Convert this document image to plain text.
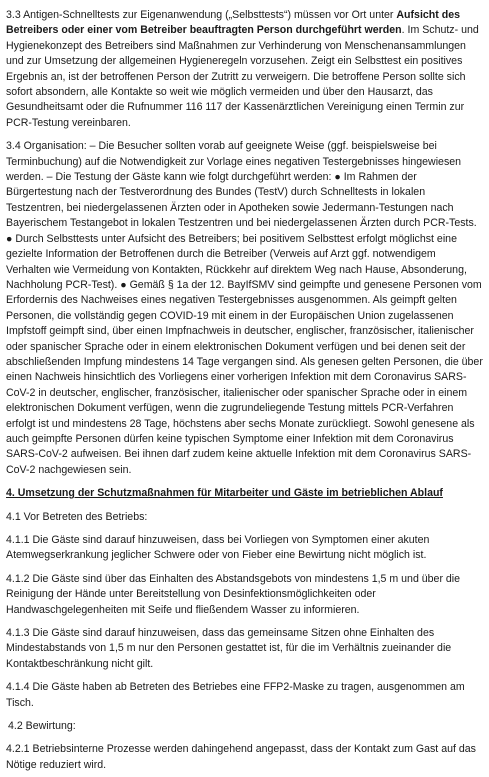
3.3 Antigen-Schnelltests zur Eigenanwendung („Selbsttests“) müssen vor Ort unter Aufsicht des Betreibers oder einer vom Betreiber beauftragten Person durchgeführt werden. Im Schutz- und Hygienekonzept des Betreibers sind Maßnahmen zur Verhinderung von Menschenansammlungen und zur Umsetzung der allgemeinen Hygieneregeln vorzusehen. Zeigt ein Selbsttest ein positives Ergebnis an, ist der betroffenen Person der Zutritt zu verweigern. Die betroffene Person sollte sich sofort absondern, alle Kontakte so weit wie möglich vermeiden und über den Hausarzt, das Gesundheitsamt oder die Rufnummer 116 117 der Kassenärztlichen Vereinigung einen Termin zur PCR-Testung vereinbaren.

3.4 Organisation: – Die Besucher sollten vorab auf geeignete Weise (ggf. beispielsweise bei Terminbuchung) auf die Notwendigkeit zur Vorlage eines negativen Testergebnisses hingewiesen werden. – Die Testung der Gäste kann wie folgt durchgeführt werden: ● Im Rahmen der Bürgertestung nach der Testverordnung des Bundes (TestV) durch Schnelltests in lokalen Testzentren, bei niedergelassenen Ärzten oder in Apotheken sowie Jedermann-Testungen nach Bayerischem Testangebot in lokalen Testzentren und bei niedergelassenen Ärzten durch PCR-Tests. ● Durch Selbsttests unter Aufsicht des Betreibers; bei positivem Selbsttest erfolgt möglichst eine gezielte Information der Betroffenen durch die Betreiber (Verweis auf Arzt ggf. notwendigem Verhalten wie Vermeidung von Kontakten, Rückkehr auf direktem Weg nach Hause, Absonderung, Nachholung PCR-Test). ● Gemäß § 1a der 12. BayIfSMV sind geimpfte und genesene Personen vom Erfordernis des Nachweises eines negativen Testergebnisses ausgenommen. Als geimpft gelten Personen, die vollständig gegen COVID-19 mit einem in der Europäischen Union zugelassenen Impfstoff geimpft sind, über einen Impfnachweis in deutscher, englischer, französischer, italienischer oder spanischer Sprache oder in einem elektronischen Dokument verfügen und bei denen seit der abschließenden Impfung mindestens 14 Tage vergangen sind. Als genesen gelten Personen, die über einen Nachweis hinsichtlich des Vorliegens einer vorherigen Infektion mit dem Coronavirus SARS-CoV-2 in deutscher, englischer, französischer, italienischer oder spanischer Sprache oder in einem elektronischen Dokument verfügen, wenn die zugrundeliegende Testung mittels PCR-Verfahren erfolgt ist und mindestens 28 Tage, höchstens aber sechs Monate zurückliegt. Sowohl genesene als auch geimpfte Personen dürfen keine typischen Symptome einer Infektion mit dem Coronavirus SARS-CoV-2 aufweisen. Bei ihnen darf zudem keine aktuelle Infektion mit dem Coronavirus SARS-CoV-2 nachgewiesen sein.

4. Umsetzung der Schutzmaßnahmen für Mitarbeiter und Gäste im betrieblichen Ablauf

4.1 Vor Betreten des Betriebs:

4.1.1 Die Gäste sind darauf hinzuweisen, dass bei Vorliegen von Symptomen einer akuten Atemwegserkrankung jeglicher Schwere oder von Fieber eine Bewirtung nicht möglich ist.

4.1.2 Die Gäste sind über das Einhalten des Abstandsgebots von mindestens 1,5 m und über die Reinigung der Hände unter Bereitstellung von Desinfektionsmöglichkeiten oder Handwaschgelegenheiten mit Seife und fließendem Wasser zu informieren.

4.1.3 Die Gäste sind darauf hinzuweisen, dass das gemeinsame Sitzen ohne Einhalten des Mindestabstands von 1,5 m nur den Personen gestattet ist, für die im Verhältnis zueinander die Kontaktbeschränkung nicht gilt.

4.1.4 Die Gäste haben ab Betreten des Betriebes eine FFP2-Maske zu tragen, ausgenommen am Tisch.

4.2 Bewirtung:

4.2.1 Betriebsinterne Prozesse werden dahingehend angepasst, dass der Kontakt zum Gast auf das Nötige reduziert wird.
